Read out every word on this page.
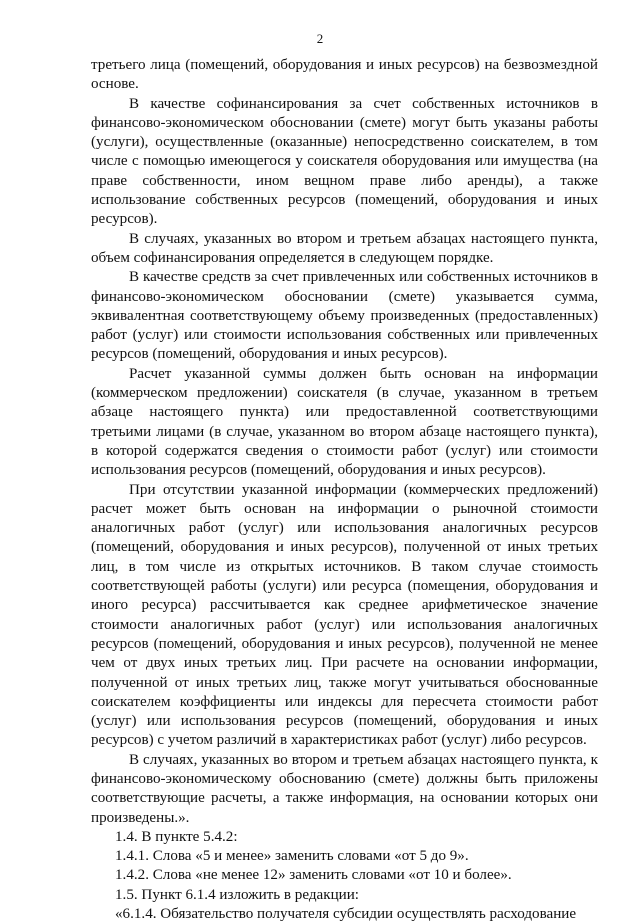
2

третьего лица (помещений, оборудования и иных ресурсов) на безвозмездной основе.

В качестве софинансирования за счет собственных источников в финансово-экономическом обосновании (смете) могут быть указаны работы (услуги), осуществленные (оказанные) непосредственно соискателем, в том числе с помощью имеющегося у соискателя оборудования или имущества (на праве собственности, ином вещном праве либо аренды), а также использование собственных ресурсов (помещений, оборудования и иных ресурсов).

В случаях, указанных во втором и третьем абзацах настоящего пункта, объем софинансирования определяется в следующем порядке.

В качестве средств за счет привлеченных или собственных источников в финансово-экономическом обосновании (смете) указывается сумма, эквивалентная соответствующему объему произведенных (предоставленных) работ (услуг) или стоимости использования собственных или привлеченных ресурсов (помещений, оборудования и иных ресурсов).

Расчет указанной суммы должен быть основан на информации (коммерческом предложении) соискателя (в случае, указанном в третьем абзаце настоящего пункта) или предоставленной соответствующими третьими лицами (в случае, указанном во втором абзаце настоящего пункта), в которой содержатся сведения о стоимости работ (услуг) или стоимости использования ресурсов (помещений, оборудования и иных ресурсов).

При отсутствии указанной информации (коммерческих предложений) расчет может быть основан на информации о рыночной стоимости аналогичных работ (услуг) или использования аналогичных ресурсов (помещений, оборудования и иных ресурсов), полученной от иных третьих лиц, в том числе из открытых источников. В таком случае стоимость соответствующей работы (услуги) или ресурса (помещения, оборудования и иного ресурса) рассчитывается как среднее арифметическое значение стоимости аналогичных работ (услуг) или использования аналогичных ресурсов (помещений, оборудования и иных ресурсов), полученной не менее чем от двух иных третьих лиц. При расчете на основании информации, полученной от иных третьих лиц, также могут учитываться обоснованные соискателем коэффициенты или индексы для пересчета стоимости работ (услуг) или использования ресурсов (помещений, оборудования и иных ресурсов) с учетом различий в характеристиках работ (услуг) либо ресурсов.

В случаях, указанных во втором и третьем абзацах настоящего пункта, к финансово-экономическому обоснованию (смете) должны быть приложены соответствующие расчеты, а также информация, на основании которых они произведены.».

1.4. В пункте 5.4.2:

1.4.1. Слова «5 и менее» заменить словами «от 5 до 9».

1.4.2. Слова «не менее 12» заменить словами «от 10 и более».

1.5. Пункт 6.1.4 изложить в редакции:

«6.1.4. Обязательство получателя субсидии осуществлять расходование
